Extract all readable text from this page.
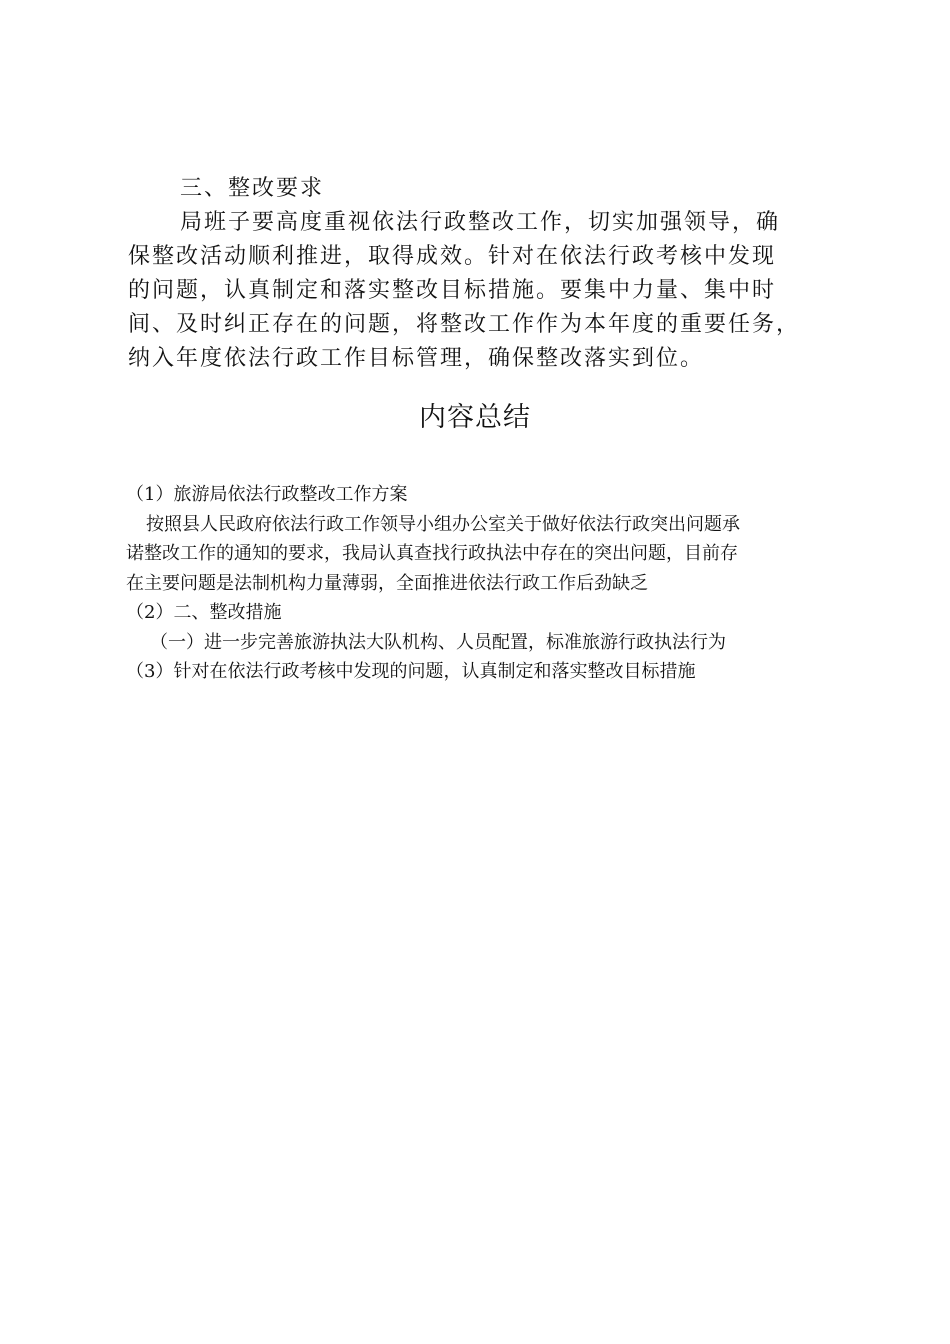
三、整改要求
局班子要高度重视依法行政整改工作，切实加强领导，确
保整改活动顺利推进，取得成效。针对在依法行政考核中发现
的问题，认真制定和落实整改目标措施。要集中力量、集中时
间、及时纠正存在的问题，将整改工作作为本年度的重要任务，
纳入年度依法行政工作目标管理，确保整改落实到位。
内容总结
（1）旅游局依法行政整改工作方案
按照县人民政府依法行政工作领导小组办公室关于做好依法行政突出问题承
诺整改工作的通知的要求，我局认真查找行政执法中存在的突出问题，目前存
在主要问题是法制机构力量薄弱，全面推进依法行政工作后劲缺乏
（2）二、整改措施
（一）进一步完善旅游执法大队机构、人员配置，标准旅游行政执法行为
（3）针对在依法行政考核中发现的问题，认真制定和落实整改目标措施
